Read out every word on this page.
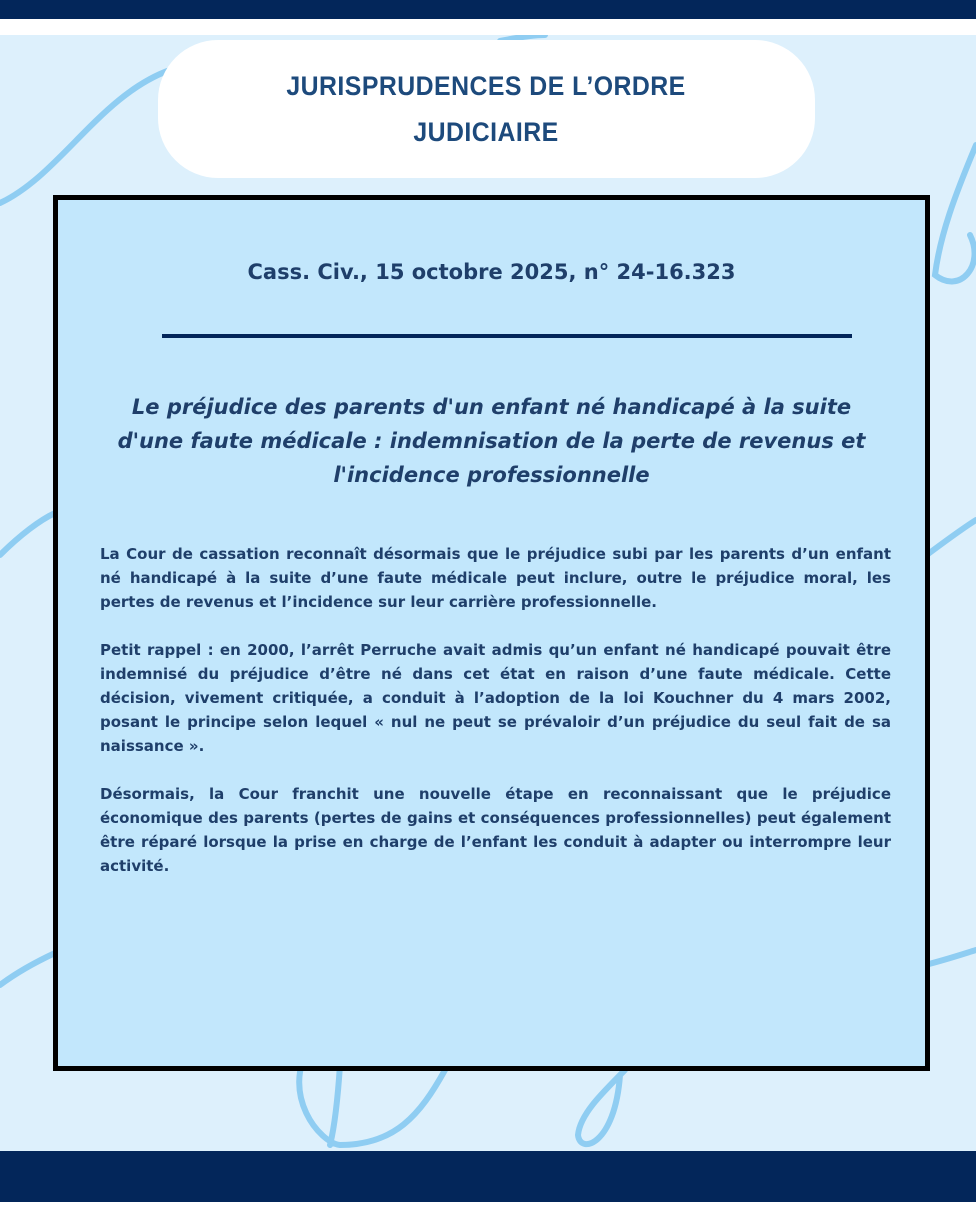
JURISPRUDENCES DE L’ORDRE
JUDICIAIRE
Cass. Civ., 15 octobre 2025, n° 24-16.323
Le préjudice des parents d'un enfant né handicapé à la suite d'une faute médicale : indemnisation de la perte de revenus et l'incidence professionnelle

La Cour de cassation reconnaît désormais que le préjudice subi par les parents d’un enfant né handicapé à la suite d’une faute médicale peut inclure, outre le préjudice moral, les pertes de revenus et l’incidence sur leur carrière professionnelle.

Petit rappel : en 2000, l’arrêt Perruche avait admis qu’un enfant né handicapé pouvait être indemnisé du préjudice d’être né dans cet état en raison d’une faute médicale. Cette décision, vivement critiquée, a conduit à l’adoption de la loi Kouchner du 4 mars 2002, posant le principe selon lequel « nul ne peut se prévaloir d’un préjudice du seul fait de sa naissance ».

Désormais, la Cour franchit une nouvelle étape en reconnaissant que le préjudice économique des parents (pertes de gains et conséquences professionnelles) peut également être réparé lorsque la prise en charge de l’enfant les conduit à adapter ou interrompre leur activité.
